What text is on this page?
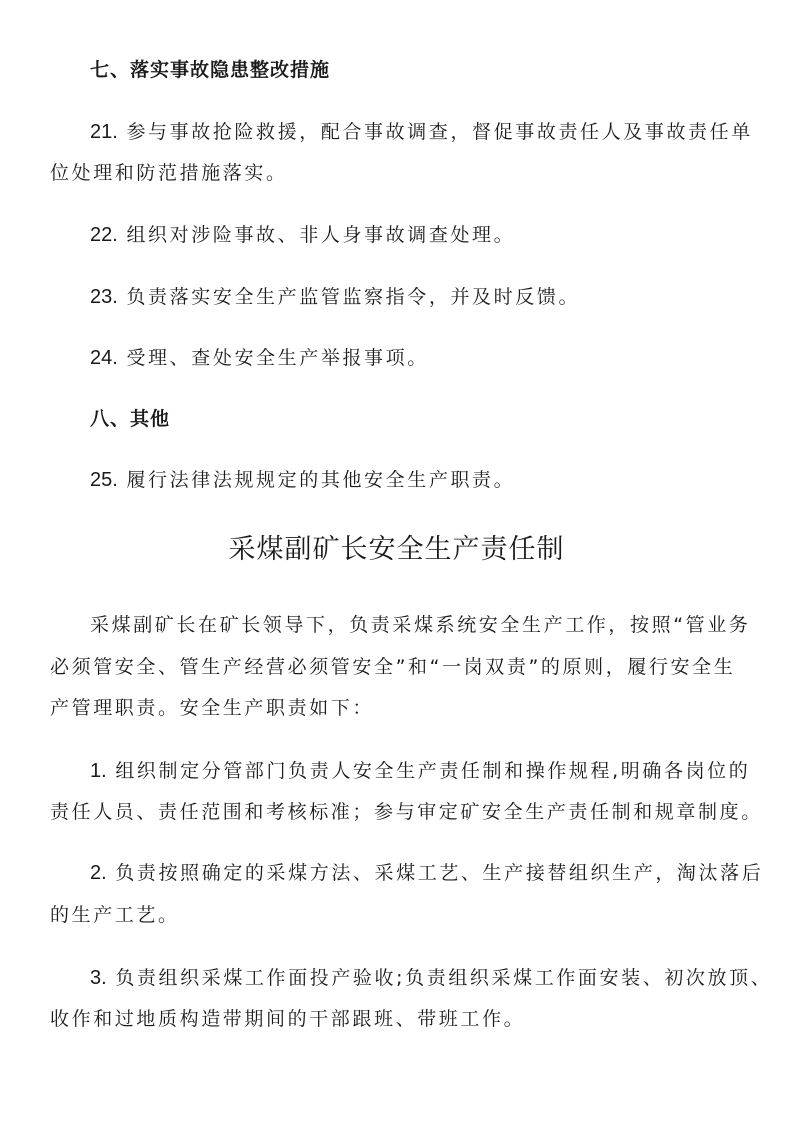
七、落实事故隐患整改措施
21. 参与事故抢险救援，配合事故调查，督促事故责任人及事故责任单
位处理和防范措施落实。
22. 组织对涉险事故、非人身事故调查处理。
23. 负责落实安全生产监管监察指令，并及时反馈。
24. 受理、查处安全生产举报事项。
八、其他
25. 履行法律法规规定的其他安全生产职责。
采煤副矿长安全生产责任制
采煤副矿长在矿长领导下，负责采煤系统安全生产工作，按照“管业务
必须管安全、管生产经营必须管安全”和“一岗双责”的原则，履行安全生
产管理职责。安全生产职责如下：
1. 组织制定分管部门负责人安全生产责任制和操作规程,明确各岗位的
责任人员、责任范围和考核标准；参与审定矿安全生产责任制和规章制度。
2. 负责按照确定的采煤方法、采煤工艺、生产接替组织生产，淘汰落后
的生产工艺。
3. 负责组织采煤工作面投产验收;负责组织采煤工作面安装、初次放顶、
收作和过地质构造带期间的干部跟班、带班工作。
